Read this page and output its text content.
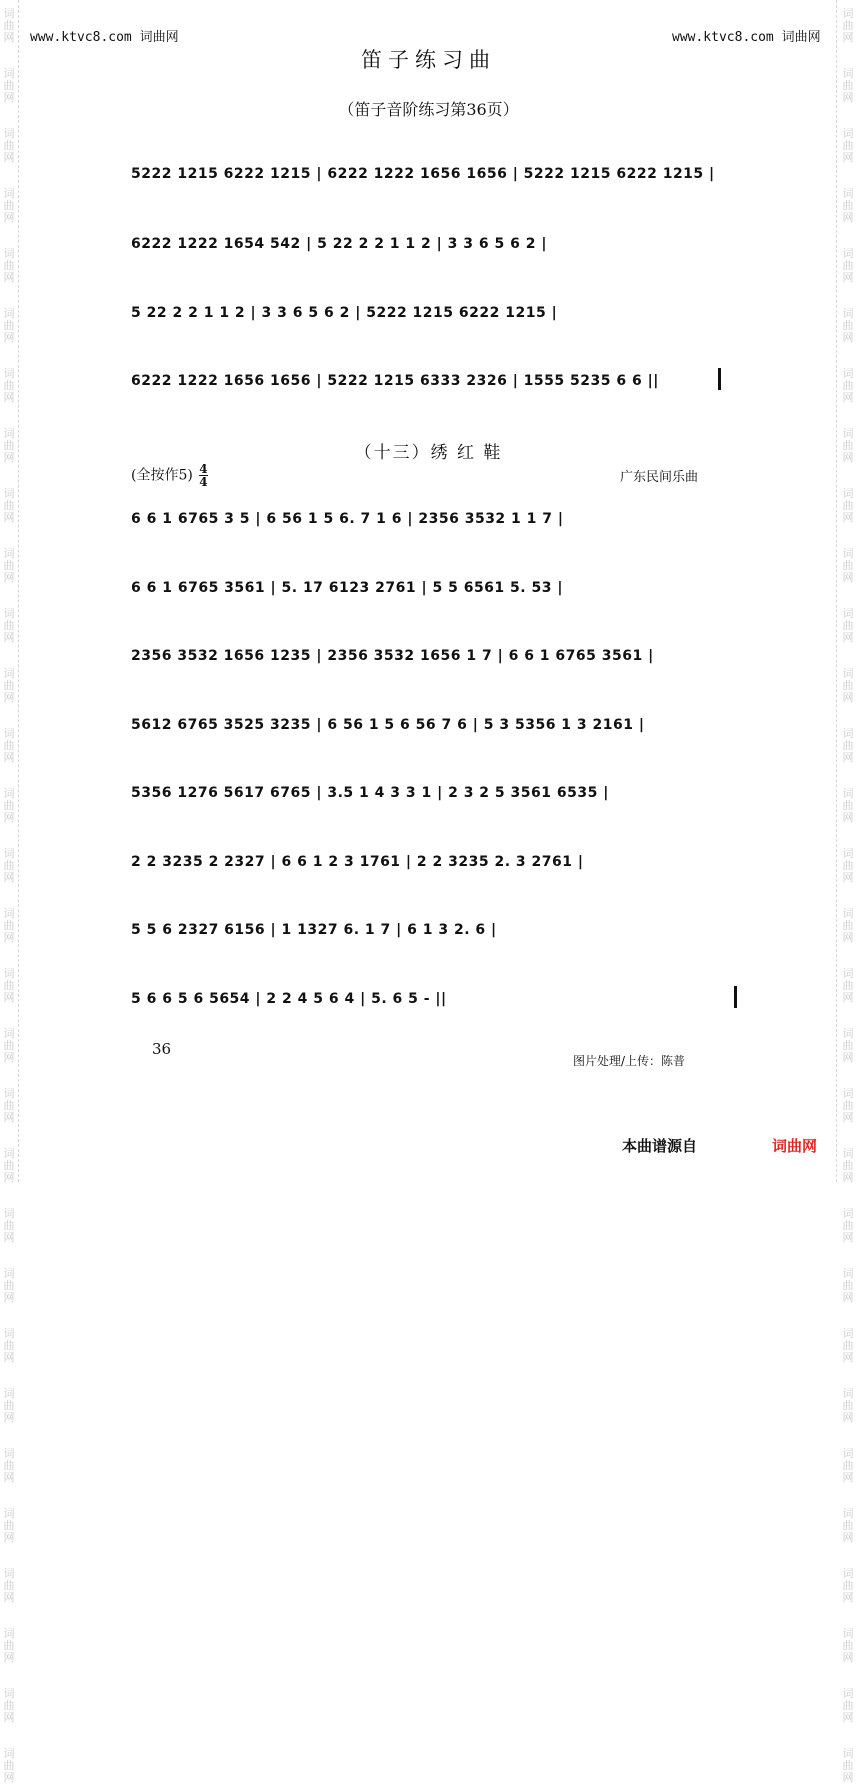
词
曲
网
词
曲
网
词
曲
网
词
曲
网
词
曲
网
词
曲
网
词
曲
网
词
曲
网
词
曲
网
词
曲
网
词
曲
网
词
曲
网
词
曲
网
词
曲
网
词
曲
网
词
曲
网
词
曲
网
词
曲
网
词
曲
网
词
曲
网
词
曲
网
词
曲
网
词
曲
网
词
曲
网
词
曲
网
词
曲
网
词
曲
网
词
曲
网
词
曲
网
词
曲
网
词
曲
网
词
曲
网
词
曲
网
词
曲
网
词
曲
网
词
曲
网
词
曲
网
词
曲
网
词
曲
网
词
曲
网
词
曲
网
词
曲
网
词
曲
网
词
曲
网
词
曲
网
词
曲
网
词
曲
网
词
曲
网
词
曲
网
词
曲
网
词
曲
网
词
曲
网
词
曲
网
词
曲
网
词
曲
网
词
曲
网
词
曲
网
词
曲
网
词
曲
网
词
曲
网
www.ktvc8.com 词曲网	www.ktvc8.com 词曲网
笛子练习曲
（笛子音阶练习第36页）
5222 1215 6222 1215 | 6222 1222 1656 1656 | 5222 1215 6222 1215 |
6222 1222 1654 542 | 5 22 2 2 1 1 2 | 3 3 6 5 6 2 |
5 22 2 2 1 1 2 | 3 3 6 5 6 2 | 5222 1215 6222 1215 |
6222 1222 1656 1656 | 5222 1215 6333 2326 | 1555 5235 6 6 ||
（十三）绣 红 鞋
(全按作$5) \frac{4}{4}$	广东民间乐曲
6 6 1 6765 3 5 | 6 56 1 5 6. 7 1 6 | 2356 3532 1 1 7 |
6 6 1 6765 3561 | 5. 17 6123 2761 | 5 5 6561 5. 53 |
2356 3532 1656 1235 | 2356 3532 1656 1 7 | 6 6 1 6765 3561 |
5612 6765 3525 3235 | 6 56 1 5 6 56 7 6 | 5 3 5356 1 3 2161 |
5356 1276 5617 6765 | 3.5 1 4 3 3 1 | 2 3 2 5 3561 6535 |
2 2 3235 2 2327 | 6 6 1 2 3 1761 | 2 2 3235 2. 3 2761 |
5 5 6 2327 6156 | 1 1327 6. 1 7 | 6 1 3 2. 6 |
5 6 6 5 6 5654 | 2 2 4 5 6 4 | 5. 6 5 - ||
36
图片处理/上传：陈普
本曲谱源自	词曲网
